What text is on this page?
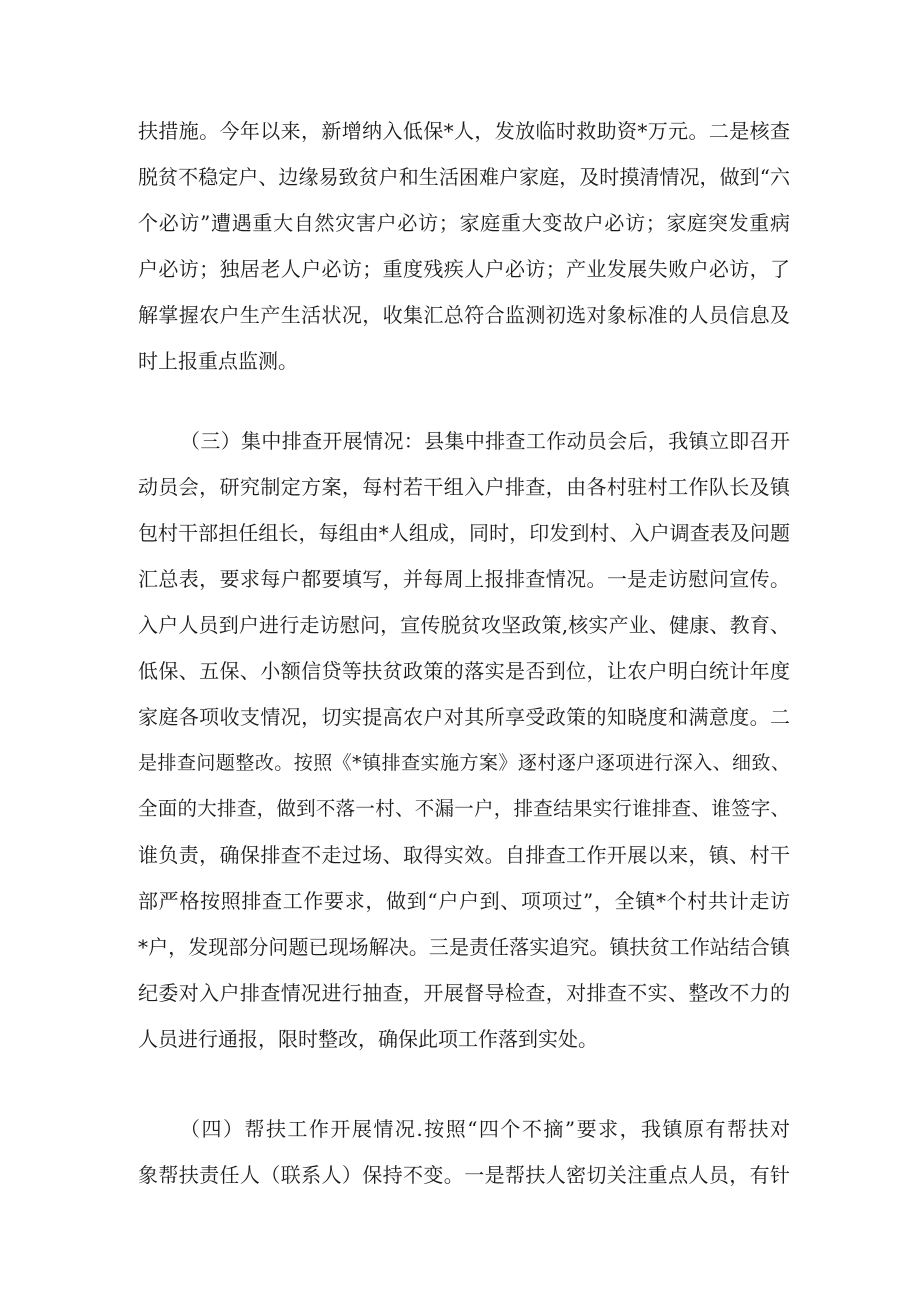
扶措施。今年以来，新增纳入低保*人，发放临时救助资*万元。二是核查
脱贫不稳定户、边缘易致贫户和生活困难户家庭，及时摸清情况，做到“六
个必访”遭遇重大自然灾害户必访；家庭重大变故户必访；家庭突发重病
户必访；独居老人户必访；重度残疾人户必访；产业发展失败户必访，了
解掌握农户生产生活状况，收集汇总符合监测初选对象标准的人员信息及
时上报重点监测。
（三）集中排查开展情况：县集中排查工作动员会后，我镇立即召开
动员会，研究制定方案，每村若干组入户排查，由各村驻村工作队长及镇
包村干部担任组长，每组由*人组成，同时，印发到村、入户调查表及问题
汇总表，要求每户都要填写，并每周上报排查情况。一是走访慰问宣传。
入户人员到户进行走访慰问，宣传脱贫攻坚政策,核实产业、健康、教育、
低保、五保、小额信贷等扶贫政策的落实是否到位，让农户明白统计年度
家庭各项收支情况，切实提高农户对其所享受政策的知晓度和满意度。二
是排查问题整改。按照《*镇排查实施方案》逐村逐户逐项进行深入、细致、
全面的大排查，做到不落一村、不漏一户，排查结果实行谁排查、谁签字、
谁负责，确保排查不走过场、取得实效。自排查工作开展以来，镇、村干
部严格按照排查工作要求，做到“户户到、项项过”，全镇*个村共计走访
*户，发现部分问题已现场解决。三是责任落实追究。镇扶贫工作站结合镇
纪委对入户排查情况进行抽查，开展督导检查，对排查不实、整改不力的
人员进行通报，限时整改，确保此项工作落到实处。
（四）帮扶工作开展情况.按照“四个不摘”要求，我镇原有帮扶对
象帮扶责任人（联系人）保持不变。一是帮扶人密切关注重点人员，有针
